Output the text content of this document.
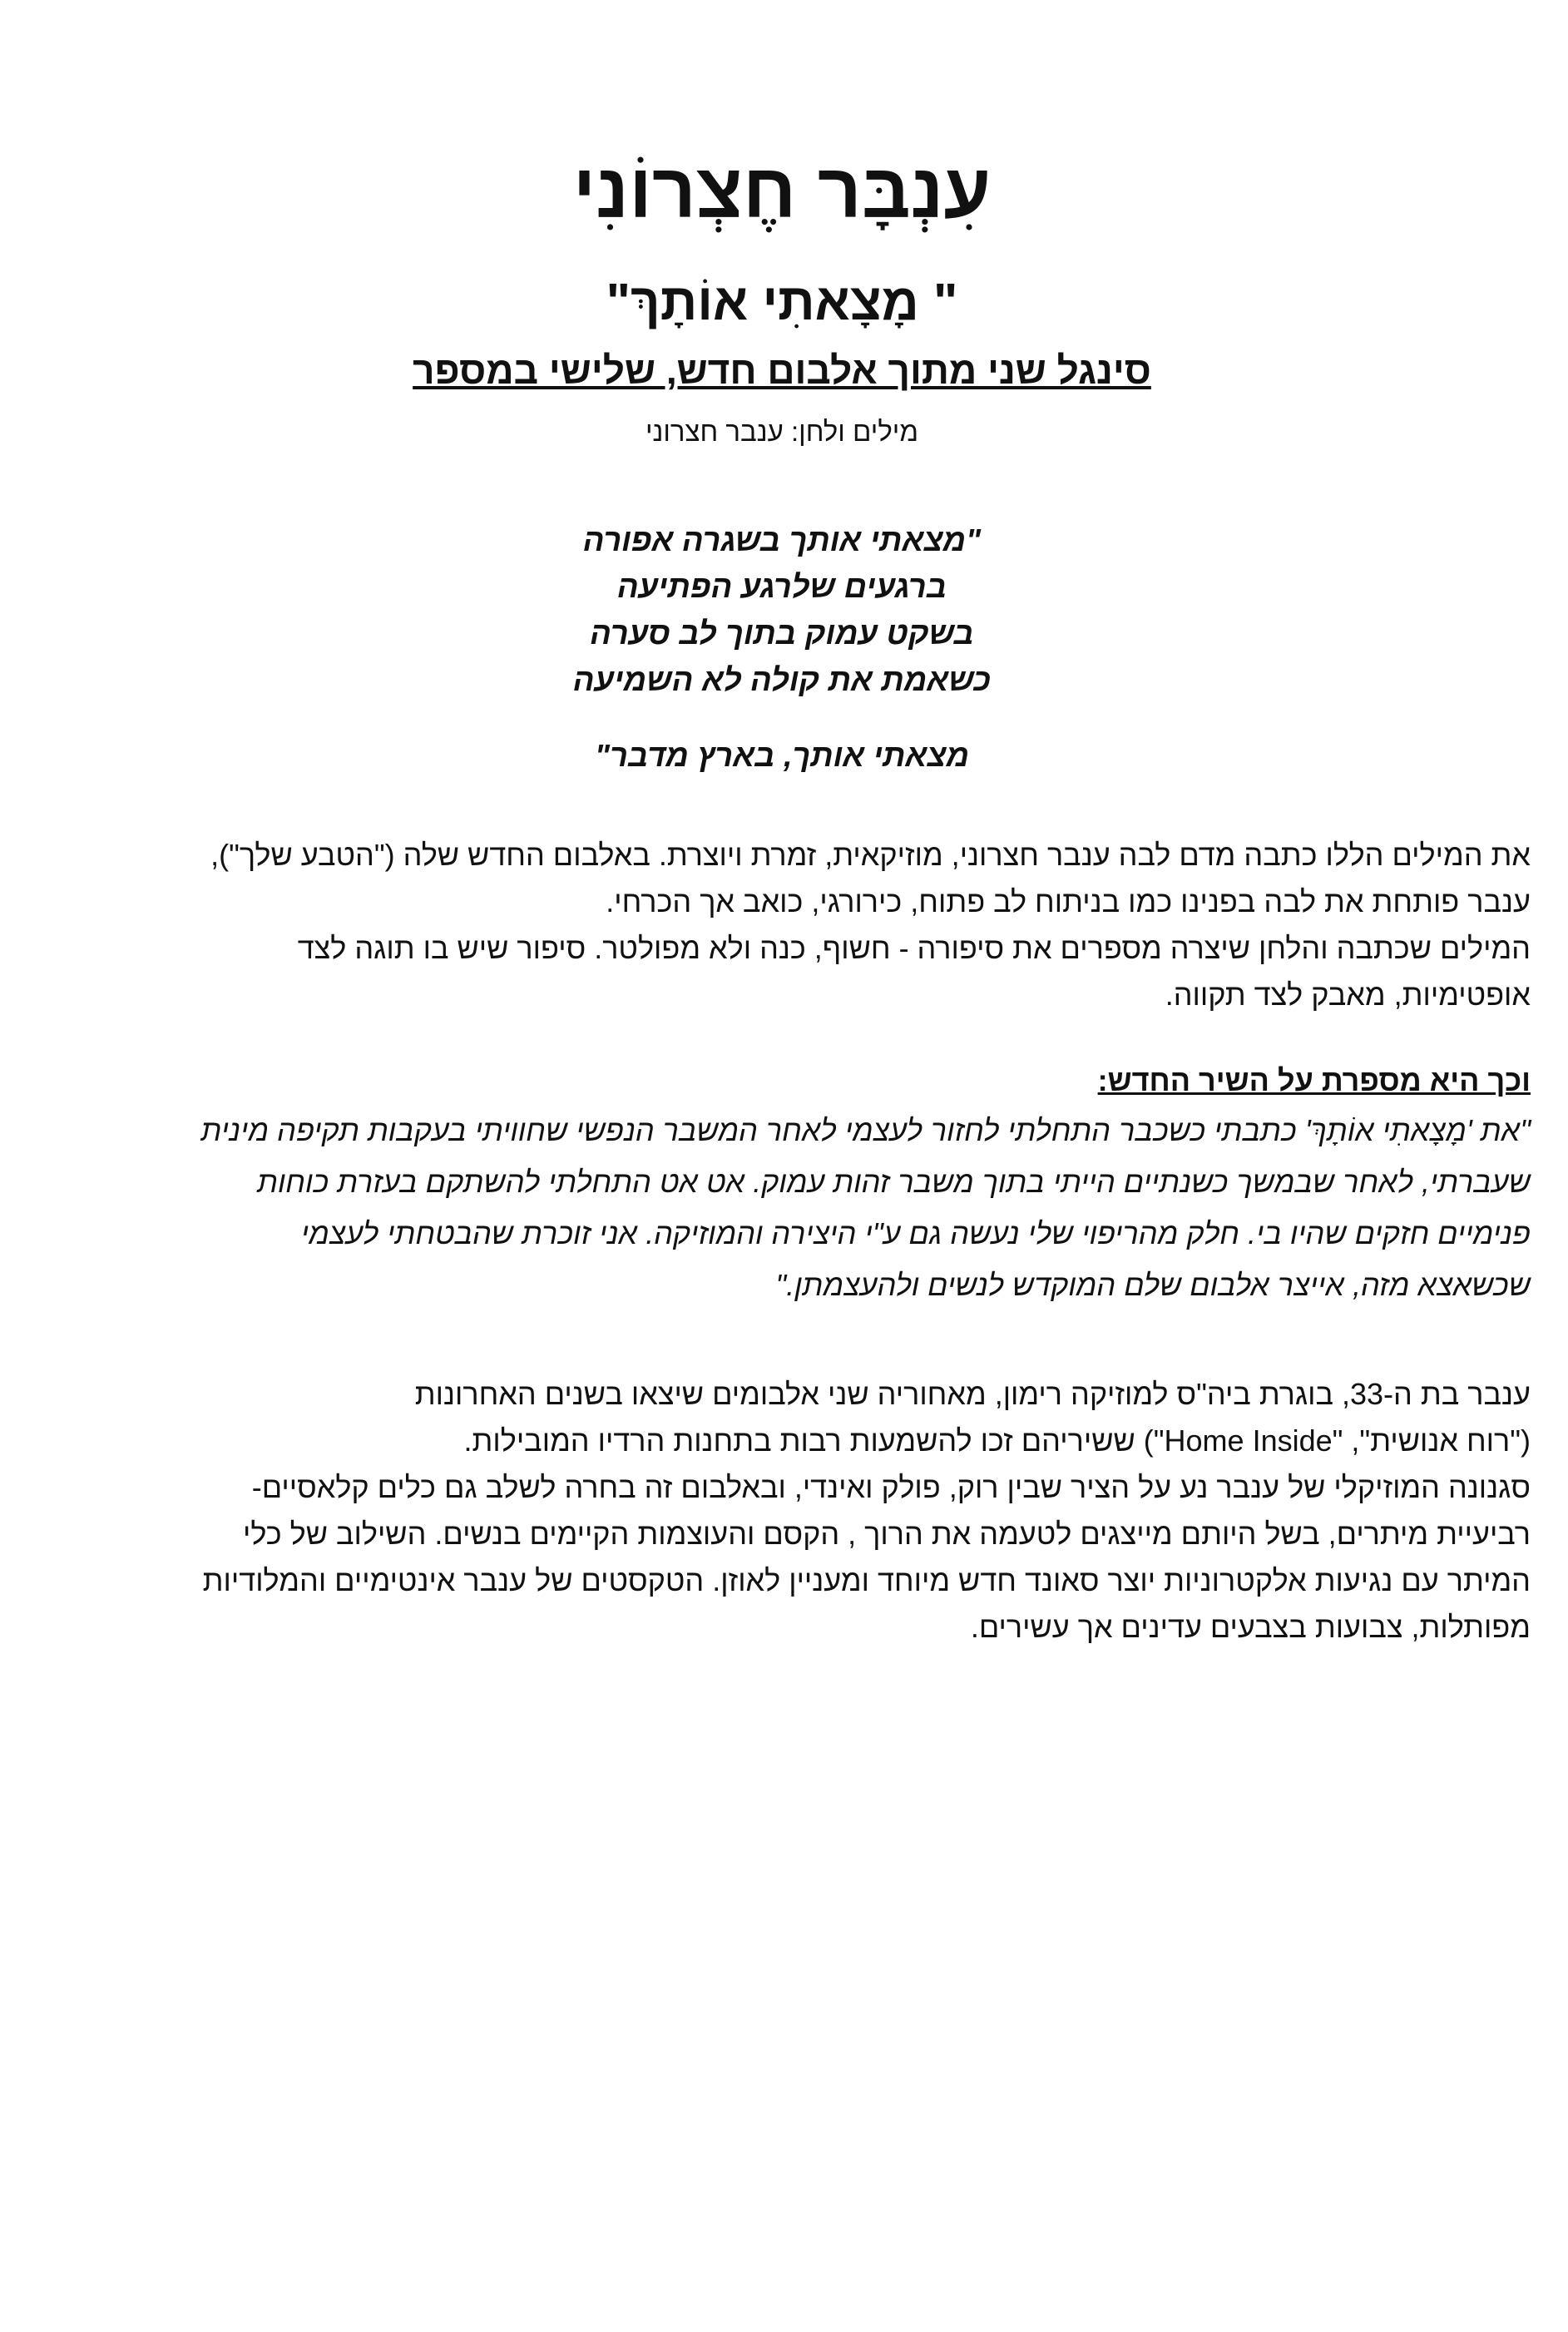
עִנְבָּר חֶצְרוֹנִי
" מָצָאתִי אוֹתָךְ"
סינגל שני מתוך אלבום חדש, שלישי במספר
מילים ולחן: ענבר חצרוני
"מצאתי אותך בשגרה אפורה
ברגעים שלרגע הפתיעה
בשקט עמוק בתוך לב סערה
כשאמת את קולה לא השמיעה
מצאתי אותך, בארץ מדבר"

את המילים הללו כתבה מדם לבה ענבר חצרוני, מוזיקאית, זמרת ויוצרת. באלבום החדש שלה ("הטבע שלך"),

ענבר פותחת את לבה בפנינו כמו בניתוח לב פתוח, כירורגי, כואב אך הכרחי.

המילים שכתבה והלחן שיצרה מספרים את סיפורה - חשוף, כנה ולא מפולטר. סיפור שיש בו תוגה לצד

אופטימיות, מאבק לצד תקווה.

וכך היא מספרת על השיר החדש:

"את 'מָצָאתִי אוֹתָךְ' כתבתי כשכבר התחלתי לחזור לעצמי לאחר המשבר הנפשי שחוויתי בעקבות תקיפה מינית

שעברתי, לאחר שבמשך כשנתיים הייתי בתוך משבר זהות עמוק. אט אט התחלתי להשתקם בעזרת כוחות

פנימיים חזקים שהיו בי. חלק מהריפוי שלי נעשה גם ע"י היצירה והמוזיקה. אני זוכרת שהבטחתי לעצמי

שכשאצא מזה, אייצר אלבום שלם המוקדש לנשים ולהעצמתן."

ענבר בת ה-33, בוגרת ביה"ס למוזיקה רימון, מאחוריה שני אלבומים שיצאו בשנים האחרונות

("רוח אנושית", "Home Inside") ששיריהם זכו להשמעות רבות בתחנות הרדיו המובילות.

סגנונה המוזיקלי של ענבר נע על הציר שבין רוק, פולק ואינדי, ובאלבום זה בחרה לשלב גם כלים קלאסיים-

רביעיית מיתרים, בשל היותם מייצגים לטעמה את הרוך , הקסם והעוצמות הקיימים בנשים. השילוב של כלי

המיתר עם נגיעות אלקטרוניות יוצר סאונד חדש מיוחד ומעניין לאוזן. הטקסטים של ענבר אינטימיים והמלודיות

מפותלות, צבועות בצבעים עדינים אך עשירים.
